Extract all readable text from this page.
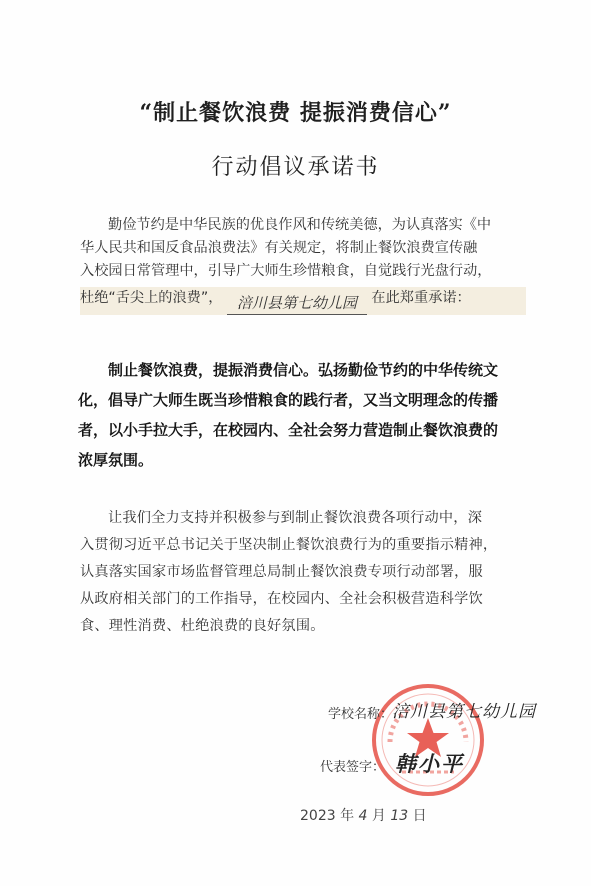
“制止餐饮浪费 提振消费信心”
行动倡议承诺书
勤俭节约是中华民族的优良作风和传统美德，为认真落实《中
华人民共和国反食品浪费法》有关规定，将制止餐饮浪费宣传融
入校园日常管理中，引导广大师生珍惜粮食，自觉践行光盘行动，
杜绝“舌尖上的浪费”， 涪川县第七幼儿园 在此郑重承诺：
制止餐饮浪费，提振消费信心。弘扬勤俭节约的中华传统文
化，倡导广大师生既当珍惜粮食的践行者，又当文明理念的传播
者，以小手拉大手，在校园内、全社会努力营造制止餐饮浪费的
浓厚氛围。
让我们全力支持并积极参与到制止餐饮浪费各项行动中，深
入贯彻习近平总书记关于坚决制止餐饮浪费行为的重要指示精神，
认真落实国家市场监督管理总局制止餐饮浪费专项行动部署，服
从政府相关部门的工作指导，在校园内、全社会积极营造科学饮
食、理性消费、杜绝浪费的良好氛围。
学校名称：
涪川县第七幼儿园
代表签字： 韩小平
2023 年 4 月 13 日
